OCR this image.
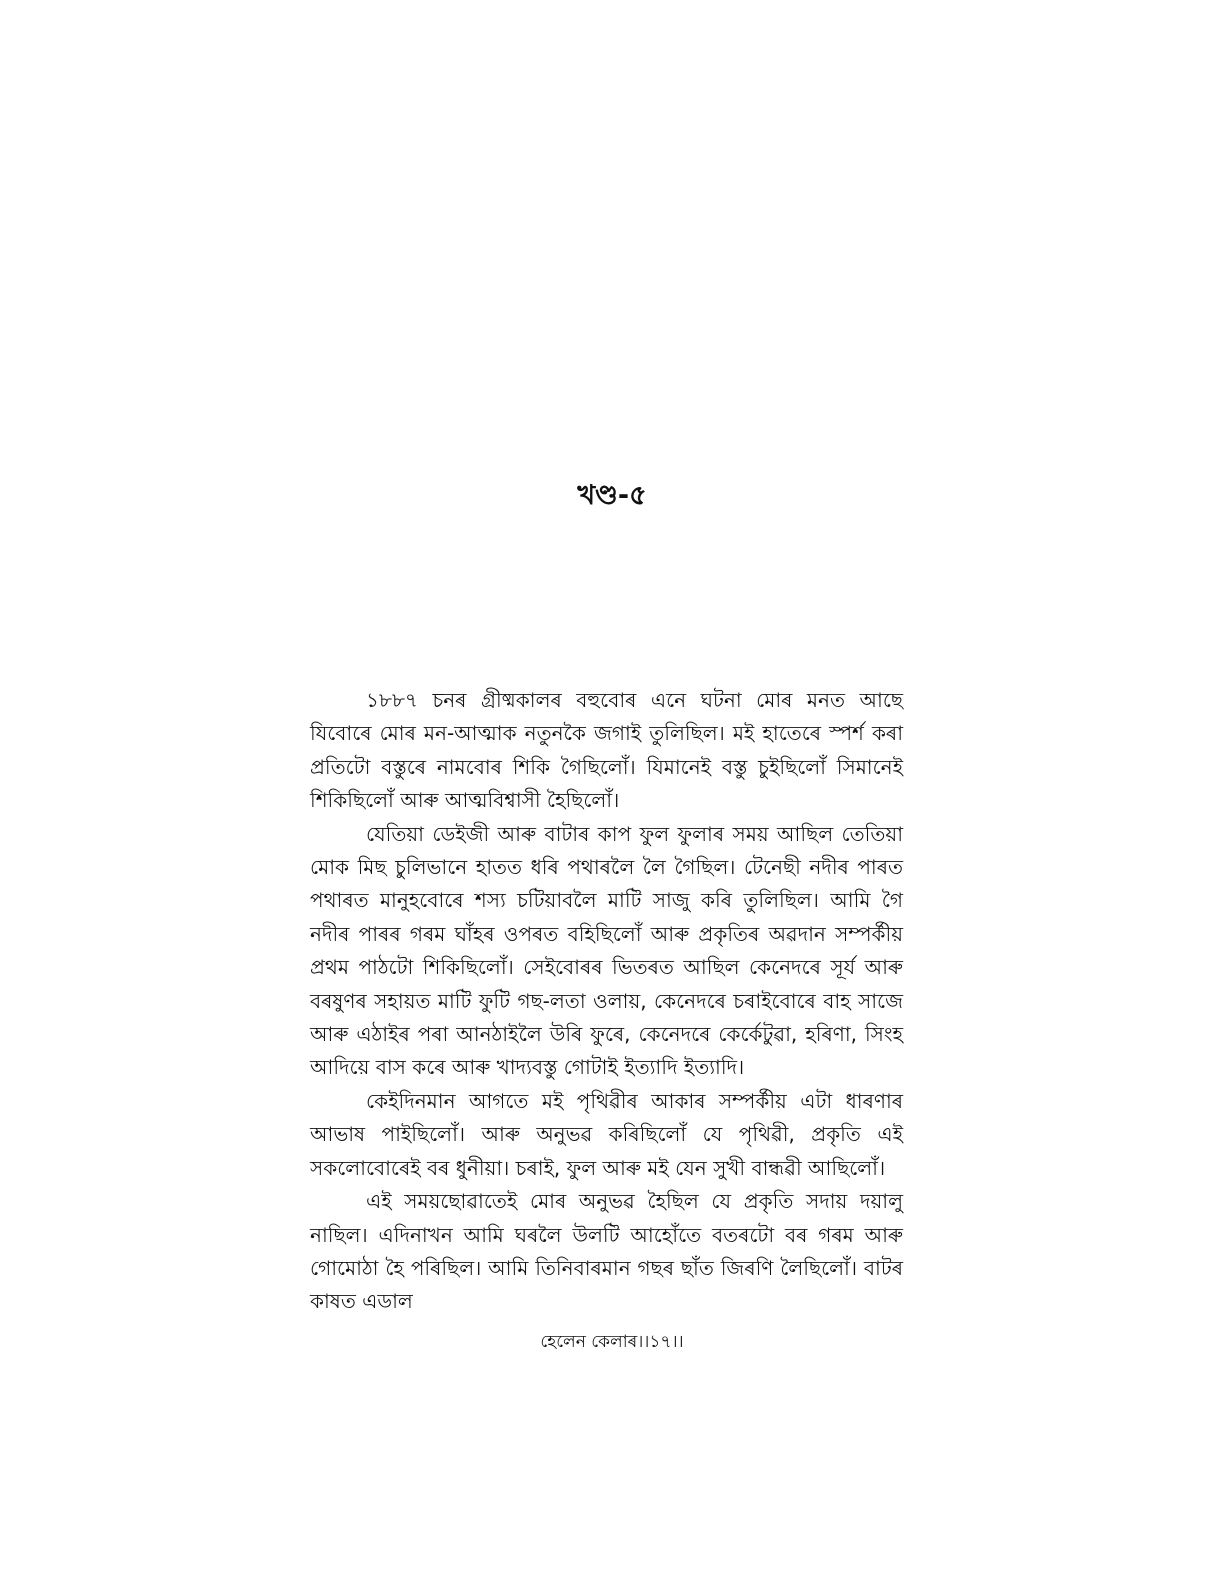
খণ্ড-৫

১৮৮৭ চনৰ গ্ৰীষ্মকালৰ বহুবোৰ এনে ঘটনা মোৰ মনত আছে যিবোৰে মোৰ মন-আত্মাক নতুনকৈ জগাই তুলিছিল। মই হাতেৰে স্পৰ্শ কৰা প্ৰতিটো বস্তুৰে নামবোৰ শিকি গৈছিলোঁ। যিমানেই বস্তু চুইছিলোঁ সিমানেই শিকিছিলোঁ আৰু আত্মবিশ্বাসী হৈছিলোঁ।

যেতিয়া ডেইজী আৰু বাটাৰ কাপ ফুল ফুলাৰ সময় আছিল তেতিয়া মোক মিছ চুলিভানে হাতত ধৰি পথাৰলৈ লৈ গৈছিল। টেনেছী নদীৰ পাৰত পথাৰত মানুহবোৰে শস্য চটিয়াবলৈ মাটি সাজু কৰি তুলিছিল। আমি গৈ নদীৰ পাৰৰ গৰম ঘাঁহৰ ওপৰত বহিছিলোঁ আৰু প্ৰকৃতিৰ অৱদান সম্পৰ্কীয় প্ৰথম পাঠটো শিকিছিলোঁ। সেইবোৰৰ ভিতৰত আছিল কেনেদৰে সূৰ্য আৰু বৰষুণৰ সহায়ত মাটি ফুটি গছ-লতা ওলায়, কেনেদৰে চৰাইবোৰে বাহ সাজে আৰু এঠাইৰ পৰা আনঠাইলৈ উৰি ফুৰে, কেনেদৰে কেৰ্কেটুৱা, হৰিণা, সিংহ আদিয়ে বাস কৰে আৰু খাদ্যবস্তু গোটাই ইত্যাদি ইত্যাদি।

কেইদিনমান আগতে মই পৃথিৱীৰ আকাৰ সম্পৰ্কীয় এটা ধাৰণাৰ আভাষ পাইছিলোঁ। আৰু অনুভৱ কৰিছিলোঁ যে পৃথিৱী, প্ৰকৃতি এই সকলোবোৰেই বৰ ধুনীয়া। চৰাই, ফুল আৰু মই যেন সুখী বান্ধৱী আছিলোঁ।

এই সময়ছোৱাতেই মোৰ অনুভৱ হৈছিল যে প্ৰকৃতি সদায় দয়ালু নাছিল। এদিনাখন আমি ঘৰলৈ উলটি আহোঁতে বতৰটো বৰ গৰম আৰু গোমোঠা হৈ পৰিছিল। আমি তিনিবাৰমান গছৰ ছাঁত জিৰণি লৈছিলোঁ। বাটৰ কাষত এডাল

হেলেন কেলাৰ।।১৭।।
